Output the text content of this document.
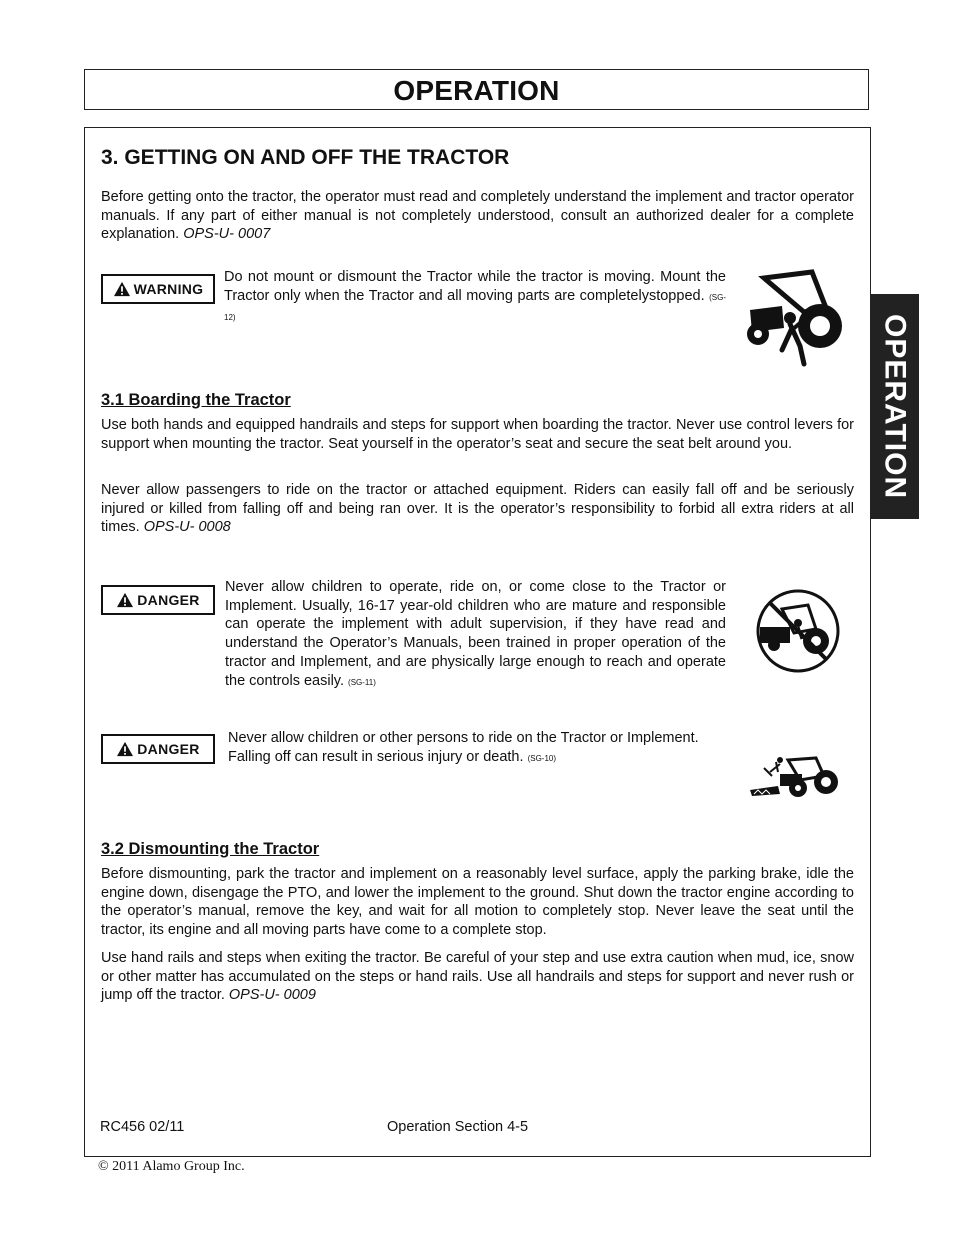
OPERATION
OPERATION
3. GETTING ON AND OFF THE TRACTOR

Before getting onto the tractor, the operator must read and completely understand the implement and tractor operator manuals. If any part of either manual is not completely understood, consult an authorized dealer for a complete explanation. OPS-U- 0007

WARNING

Do not mount or dismount the Tractor while the tractor is moving. Mount the Tractor only when the Tractor and all moving parts are completelystopped. (SG-12)

3.1 Boarding the Tractor

Use both hands and equipped handrails and steps for support when boarding the tractor. Never use control levers for support when mounting the tractor. Seat yourself in the operator’s seat and secure the seat belt around you.

Never allow passengers to ride on the tractor or attached equipment. Riders can easily fall off and be seriously injured or killed from falling off and being ran over. It is the operator’s responsibility to forbid all extra riders at all times. OPS-U- 0008

DANGER

Never allow children to operate, ride on, or come close to the Tractor or Implement. Usually, 16-17 year-old children who are mature and responsible can operate the implement with adult supervision, if they have read and understand the Operator’s Manuals, been trained in proper operation of the tractor and Implement, and are physically large enough to reach and operate the controls easily. (SG-11)

DANGER

Never allow children or other persons to ride on the Tractor or Implement. Falling off can result in serious injury or death. (SG-10)

3.2 Dismounting the Tractor

Before dismounting, park the tractor and implement on a reasonably level surface, apply the parking brake, idle the engine down, disengage the PTO, and lower the implement to the ground. Shut down the tractor engine according to the operator’s manual, remove the key, and wait for all motion to completely stop. Never leave the seat until the tractor, its engine and all moving parts have come to a complete stop.

Use hand rails and steps when exiting the tractor. Be careful of your step and use extra caution when mud, ice, snow or other matter has accumulated on the steps or hand rails. Use all handrails and steps for support and never rush or jump off the tractor. OPS-U- 0009

RC456 02/11	Operation Section 4-5
© 2011 Alamo Group Inc.
